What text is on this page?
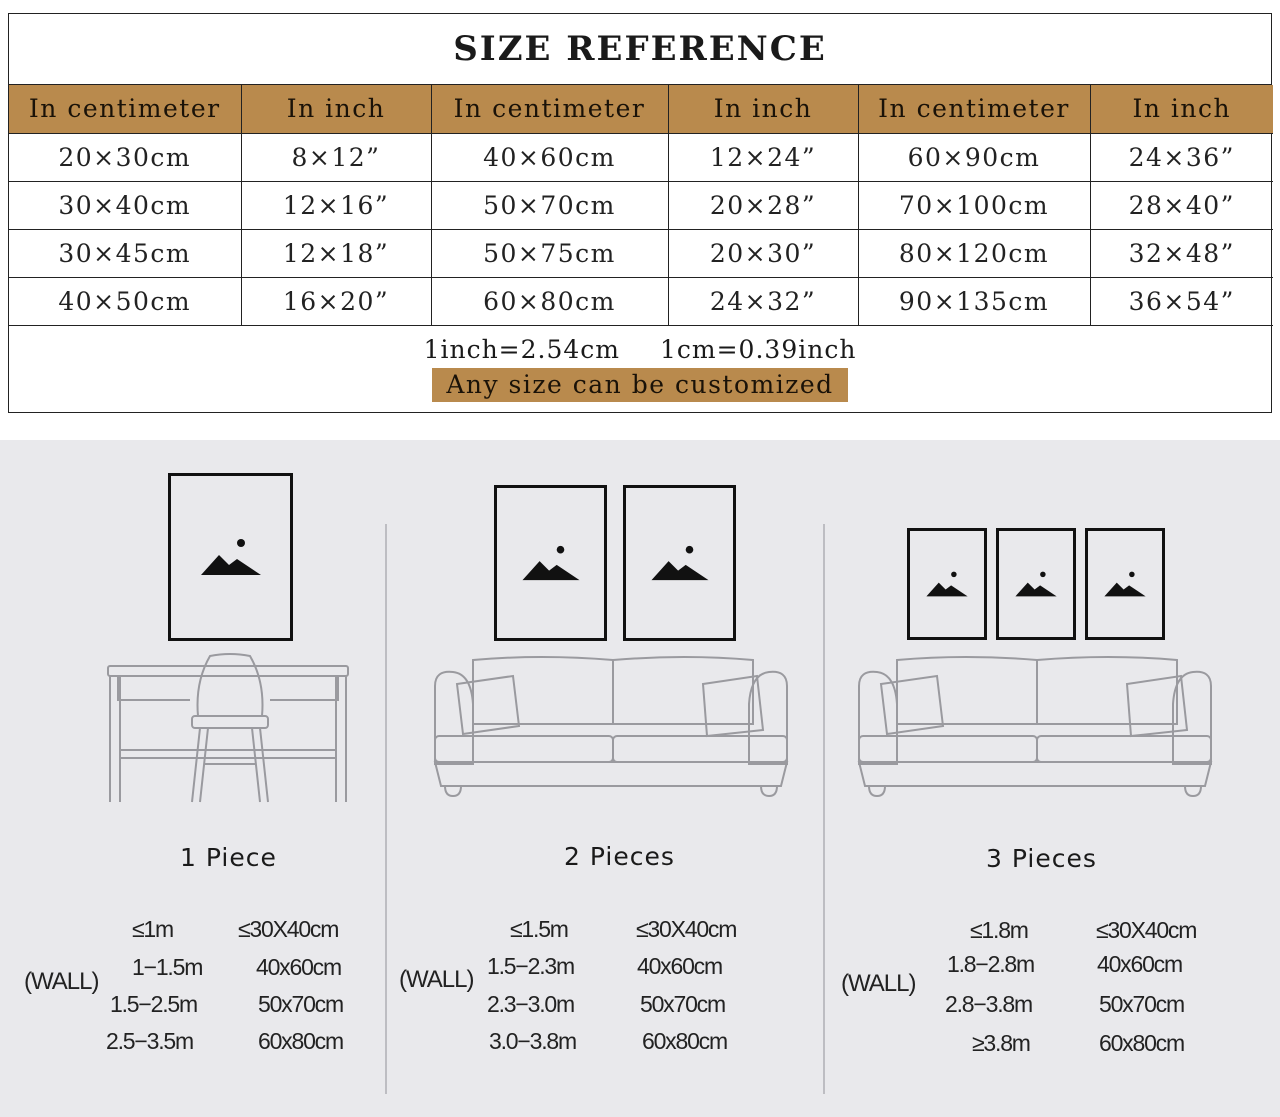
SIZE REFERENCE
In centimeter	In inch	In centimeter	In inch	In centimeter	In inch
20×30cm	8×12”	40×60cm	12×24”	60×90cm	24×36”
30×40cm	12×16”	50×70cm	20×28”	70×100cm	28×40”
30×45cm	12×18”	50×75cm	20×30”	80×120cm	32×48”
40×50cm	16×20”	60×80cm	24×32”	90×135cm	36×54”
1inch=2.54cm 1cm=0.39inch
Any size can be customized
1 Piece
(WALL)
≤1m	≤30X40cm
1−1.5m 40x60cm
1.5−2.5m	50x70cm
2.5−3.5m	60x80cm
2 Pieces
(WALL)
≤1.5m	≤30X40cm
1.5−2.3m	40x60cm
2.3−3.0m	50x70cm
3.0−3.8m	60x80cm
3 Pieces
(WALL)
≤1.8m	≤30X40cm
1.8−2.8m	40x60cm
2.8−3.8m	50x70cm
≥3.8m	60x80cm
